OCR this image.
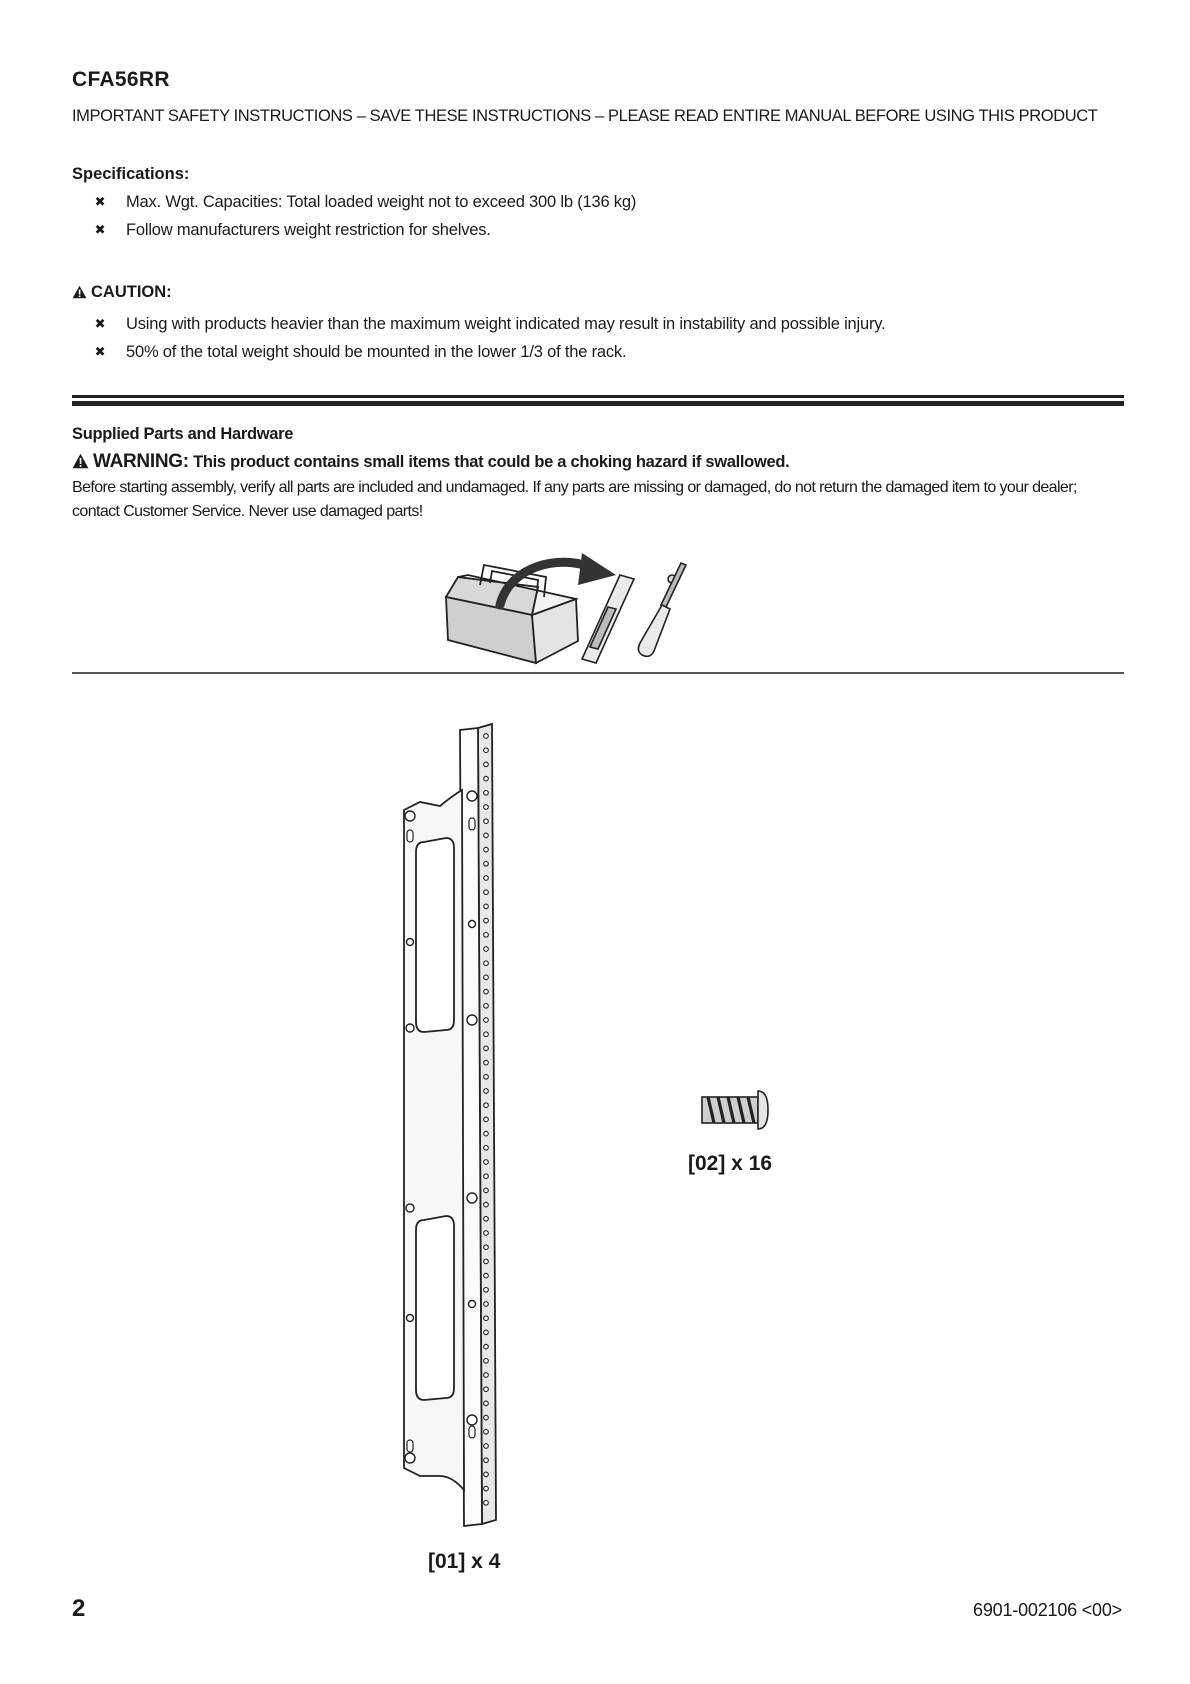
CFA56RR
IMPORTANT SAFETY INSTRUCTIONS – SAVE THESE INSTRUCTIONS – PLEASE READ ENTIRE MANUAL BEFORE USING THIS PRODUCT
Specifications:
✖ Max. Wgt. Capacities: Total loaded weight not to exceed 300 lb (136 kg)
✖ Follow manufacturers weight restriction for shelves.
CAUTION:
✖ Using with products heavier than the maximum weight indicated may result in instability and possible injury.
✖ 50% of the total weight should be mounted in the lower 1/3 of the rack.
Supplied Parts and Hardware
WARNING: This product contains small items that could be a choking hazard if swallowed.
Before starting assembly, verify all parts are included and undamaged. If any parts are missing or damaged, do not return the damaged item to your dealer; contact Customer Service. Never use damaged parts!
[01] x 4
[02] x 16
2	6901-002106 <00>
